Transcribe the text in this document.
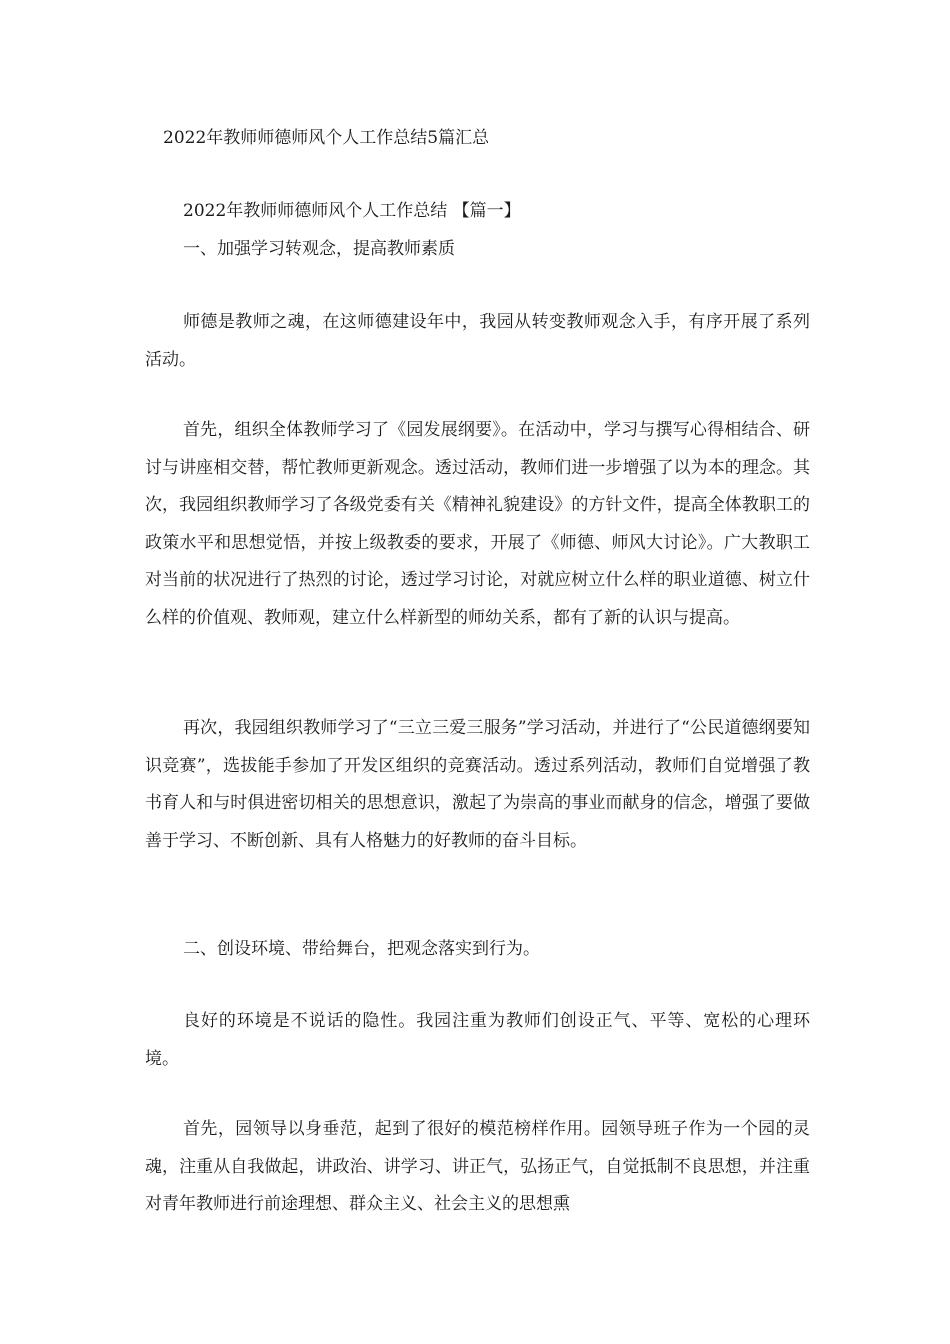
2022年教师师德师风个人工作总结5篇汇总
2022年教师师德师风个人工作总结 【篇一】
一、加强学习转观念，提高教师素质

师德是教师之魂，在这师德建设年中，我园从转变教师观念入手，有序开展了系列活动。

首先，组织全体教师学习了《园发展纲要》。在活动中，学习与撰写心得相结合、研讨与讲座相交替，帮忙教师更新观念。透过活动，教师们进一步增强了以为本的理念。其次，我园组织教师学习了各级党委有关《精神礼貌建设》的方针文件，提高全体教职工的政策水平和思想觉悟，并按上级教委的要求，开展了《师德、师风大讨论》。广大教职工对当前的状况进行了热烈的讨论，透过学习讨论，对就应树立什么样的职业道德、树立什么样的价值观、教师观，建立什么样新型的师幼关系，都有了新的认识与提高。

再次，我园组织教师学习了“三立三爱三服务”学习活动，并进行了“公民道德纲要知识竞赛”，选拔能手参加了开发区组织的竞赛活动。透过系列活动，教师们自觉增强了教书育人和与时俱进密切相关的思想意识，激起了为崇高的事业而献身的信念，增强了要做善于学习、不断创新、具有人格魅力的好教师的奋斗目标。

二、创设环境、带给舞台，把观念落实到行为。

良好的环境是不说话的隐性。我园注重为教师们创设正气、平等、宽松的心理环境。

首先，园领导以身垂范，起到了很好的模范榜样作用。园领导班子作为一个园的灵魂，注重从自我做起，讲政治、讲学习、讲正气，弘扬正气，自觉抵制不良思想，并注重对青年教师进行前途理想、群众主义、社会主义的思想熏
